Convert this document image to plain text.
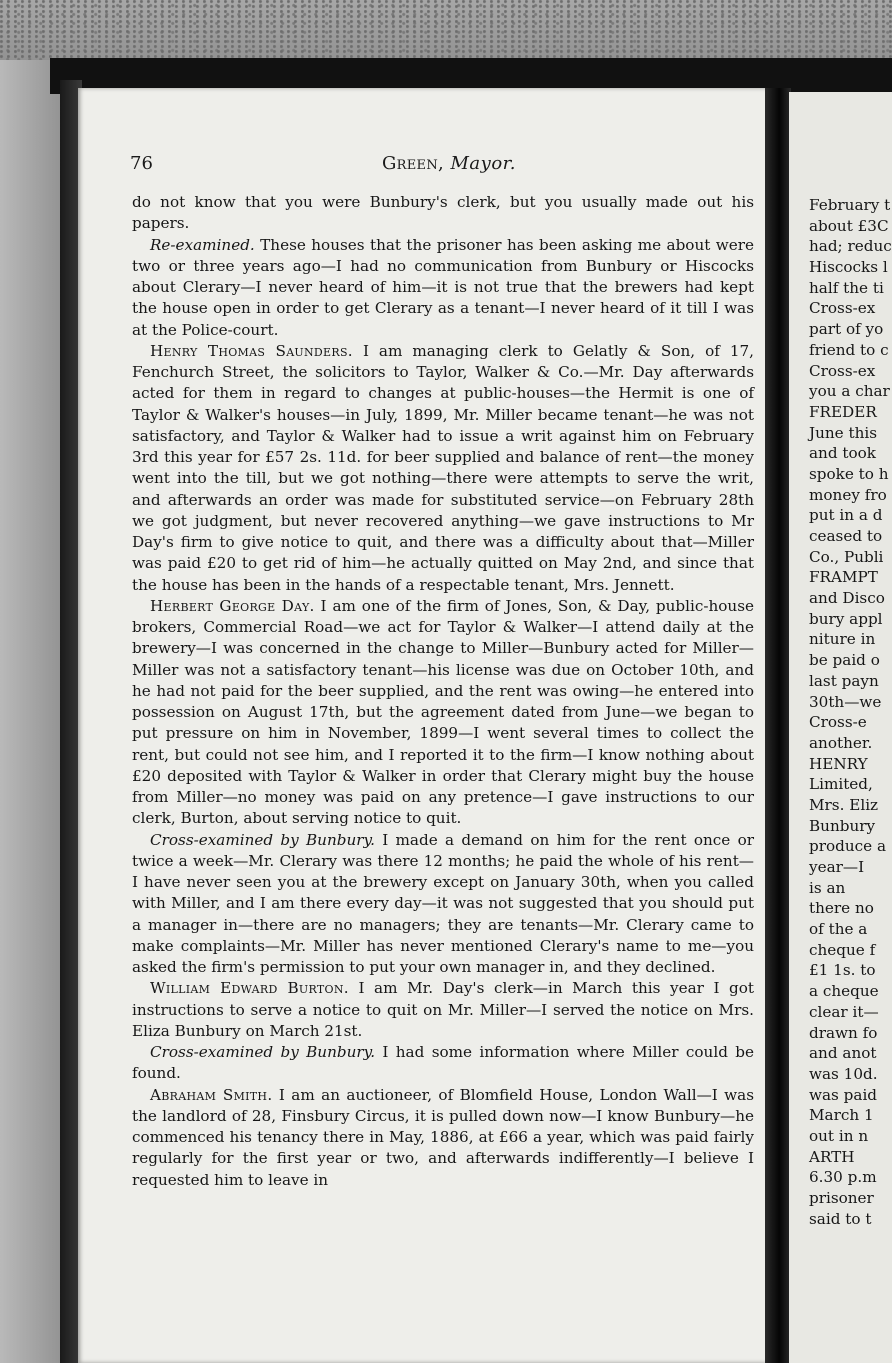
February t
about £3C
had; reduc
Hiscocks l
half the ti
Cross-ex
part of yo
friend to c
Cross-ex
you a char
FREDER
June this
and took
spoke to h
money fro
put in a d
ceased to
Co., Publi
FRAMPT
and Disco
bury appl
niture in
be paid o
last payn
30th—we
Cross-e
another.
HENRY
Limited,
Mrs. Eliz
Bunbury
produce a
year—I
is an
there no
of the a
cheque f
£1 1s. to
a cheque
clear it—
drawn fo
and anot
was 10d.
was paid
March 1
out in n
ARTH
6.30 p.m
prisoner
said to t
76	Green, Mayor.

do not know that you were Bunbury's clerk, but you usually made out his papers.

Re-examined. These houses that the prisoner has been asking me about were two or three years ago—I had no communication from Bunbury or Hiscocks about Clerary—I never heard of him—it is not true that the brewers had kept the house open in order to get Clerary as a tenant—I never heard of it till I was at the Police-court.

Henry Thomas Saunders. I am managing clerk to Gelatly & Son, of 17, Fenchurch Street, the solicitors to Taylor, Walker & Co.—Mr. Day afterwards acted for them in regard to changes at public-houses—the Hermit is one of Taylor & Walker's houses—in July, 1899, Mr. Miller became tenant—he was not satisfactory, and Taylor & Walker had to issue a writ against him on February 3rd this year for £57 2s. 11d. for beer supplied and balance of rent—the money went into the till, but we got nothing—there were attempts to serve the writ, and afterwards an order was made for substituted service—on February 28th we got judgment, but never recovered anything—we gave instructions to Mr Day's firm to give notice to quit, and there was a difficulty about that—Miller was paid £20 to get rid of him—he actually quitted on May 2nd, and since that the house has been in the hands of a respectable tenant, Mrs. Jennett.

Herbert George Day. I am one of the firm of Jones, Son, & Day, public-house brokers, Commercial Road—we act for Taylor & Walker—I attend daily at the brewery—I was concerned in the change to Miller—Bunbury acted for Miller—Miller was not a satisfactory tenant—his license was due on October 10th, and he had not paid for the beer supplied, and the rent was owing—he entered into possession on August 17th, but the agreement dated from June—we began to put pressure on him in November, 1899—I went several times to collect the rent, but could not see him, and I reported it to the firm—I know nothing about £20 deposited with Taylor & Walker in order that Clerary might buy the house from Miller—no money was paid on any pretence—I gave instructions to our clerk, Burton, about serving notice to quit.

Cross-examined by Bunbury. I made a demand on him for the rent once or twice a week—Mr. Clerary was there 12 months; he paid the whole of his rent—I have never seen you at the brewery except on January 30th, when you called with Miller, and I am there every day—it was not suggested that you should put a manager in—there are no managers; they are tenants—Mr. Clerary came to make complaints—Mr. Miller has never mentioned Clerary's name to me—you asked the firm's permission to put your own manager in, and they declined.

William Edward Burton. I am Mr. Day's clerk—in March this year I got instructions to serve a notice to quit on Mr. Miller—I served the notice on Mrs. Eliza Bunbury on March 21st.

Cross-examined by Bunbury. I had some information where Miller could be found.

Abraham Smith. I am an auctioneer, of Blomfield House, London Wall—I was the landlord of 28, Finsbury Circus, it is pulled down now—I know Bunbury—he commenced his tenancy there in May, 1886, at £66 a year, which was paid fairly regularly for the first year or two, and afterwards indifferently—I believe I requested him to leave in
